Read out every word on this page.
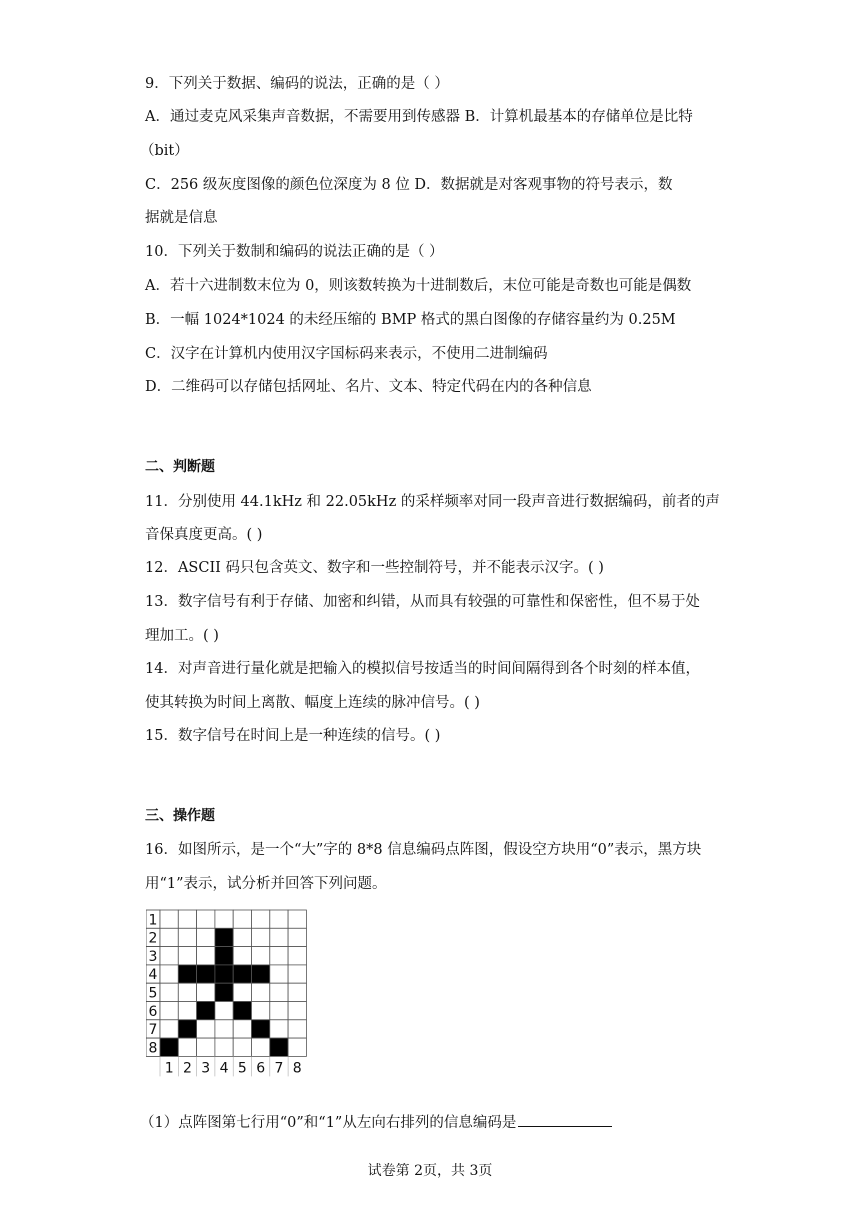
9．下列关于数据、编码的说法，正确的是（ ）
A．通过麦克风采集声音数据，不需要用到传感器 B．计算机最基本的存储单位是比特
（bit）
C．256 级灰度图像的颜色位深度为 8 位 D．数据就是对客观事物的符号表示，数
据就是信息
10．下列关于数制和编码的说法正确的是（ ）
A．若十六进制数末位为 0，则该数转换为十进制数后，末位可能是奇数也可能是偶数
B．一幅 1024*1024 的未经压缩的 BMP 格式的黑白图像的存储容量约为 0.25M
C．汉字在计算机内使用汉字国标码来表示，不使用二进制编码
D．二维码可以存储包括网址、名片、文本、特定代码在内的各种信息
二、判断题
11．分别使用 44.1kHz 和 22.05kHz 的采样频率对同一段声音进行数据编码，前者的声
音保真度更高。( )
12．ASCII 码只包含英文、数字和一些控制符号，并不能表示汉字。( )
13．数字信号有利于存储、加密和纠错，从而具有较强的可靠性和保密性，但不易于处
理加工。( )
14．对声音进行量化就是把输入的模拟信号按适当的时间间隔得到各个时刻的样本值，
使其转换为时间上离散、幅度上连续的脉冲信号。( )
15．数字信号在时间上是一种连续的信号。( )
三、操作题
16．如图所示，是一个“大”字的 8*8 信息编码点阵图，假设空方块用“0”表示，黑方块
用“1”表示，试分析并回答下列问题。
1
2
3
4
5
6
7
8
1 2 3 4 5 6 7 8
（1）点阵图第七行用“0”和“1”从左向右排列的信息编码是
试卷第 2页，共 3页
